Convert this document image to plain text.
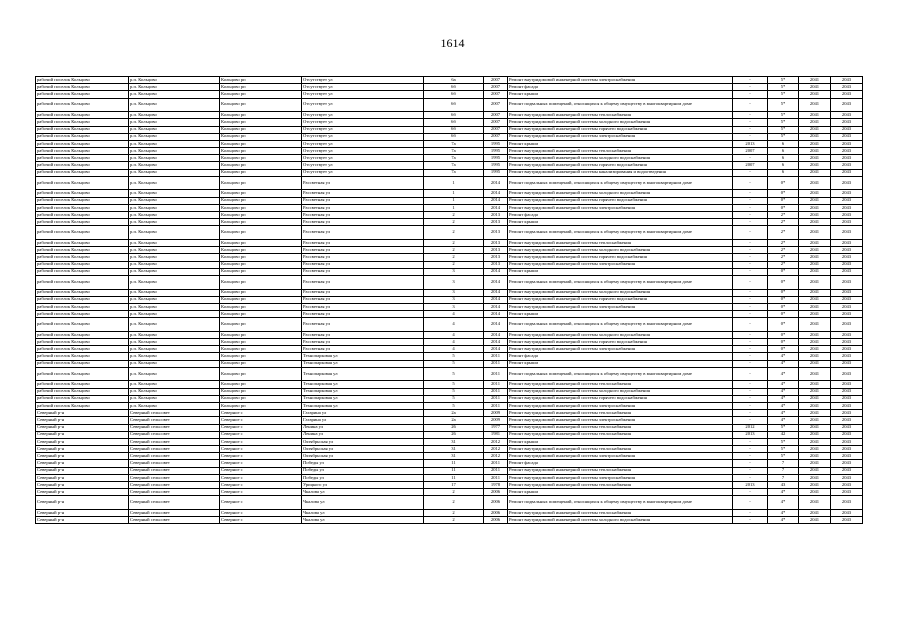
1614
рабочий поселок Кольцово	р.п. Кольцово	Кольцово рп	Отсутствует ул	6а	2007	Ремонт внутридомовой инженерной системы электроснабжения	-	5*	2041	2043
рабочий поселок Кольцово	р.п. Кольцово	Кольцово рп	Отсутствует ул	6б	2007	Ремонт фасада	-	5*	2041	2043
рабочий поселок Кольцово	р.п. Кольцово	Кольцово рп	Отсутствует ул	6б	2007	Ремонт крыши	-	5*	2041	2043
рабочий поселок Кольцово	р.п. Кольцово	Кольцово рп	Отсутствует ул	6б	2007	Ремонт подвальных помещений, относящихся к общему имуществу в многоквартирном доме	-	5*	2041	2043
рабочий поселок Кольцово	р.п. Кольцово	Кольцово рп	Отсутствует ул	6б	2007	Ремонт внутридомовой инженерной системы теплоснабжения	-	5*	2041	2043
рабочий поселок Кольцово	р.п. Кольцово	Кольцово рп	Отсутствует ул	6б	2007	Ремонт внутридомовой инженерной системы холодного водоснабжения	-	5*	2041	2043
рабочий поселок Кольцово	р.п. Кольцово	Кольцово рп	Отсутствует ул	6б	2007	Ремонт внутридомовой инженерной системы горячего водоснабжения	-	5*	2041	2043
рабочий поселок Кольцово	р.п. Кольцово	Кольцово рп	Отсутствует ул	6б	2007	Ремонт внутридомовой инженерной системы электроснабжения	-	5*	2041	2043
рабочий поселок Кольцово	р.п. Кольцово	Кольцово рп	Отсутствует ул	7а	1995	Ремонт крыши	2013	6	2041	2043
рабочий поселок Кольцово	р.п. Кольцово	Кольцово рп	Отсутствует ул	7а	1995	Ремонт внутридомовой инженерной системы теплоснабжения	2007	6	2041	2043
рабочий поселок Кольцово	р.п. Кольцово	Кольцово рп	Отсутствует ул	7а	1995	Ремонт внутридомовой инженерной системы холодного водоснабжения	-	6	2041	2043
рабочий поселок Кольцово	р.п. Кольцово	Кольцово рп	Отсутствует ул	7а	1995	Ремонт внутридомовой инженерной системы горячего водоснабжения	2007	6	2041	2043
рабочий поселок Кольцово	р.п. Кольцово	Кольцово рп	Отсутствует ул	7а	1995	Ремонт внутридомовой инженерной системы канализирования и водоотведения	-	6	2041	2043
рабочий поселок Кольцово	р.п. Кольцово	Кольцово рп	Рассветная ул	1	2014	Ремонт подвальных помещений, относящихся к общему имуществу в многоквартирном доме	-	0*	2041	2043
рабочий поселок Кольцово	р.п. Кольцово	Кольцово рп	Рассветная ул	1	2014	Ремонт внутридомовой инженерной системы холодного водоснабжения	-	0*	2041	2043
рабочий поселок Кольцово	р.п. Кольцово	Кольцово рп	Рассветная ул	1	2014	Ремонт внутридомовой инженерной системы горячего водоснабжения	-	0*	2041	2043
рабочий поселок Кольцово	р.п. Кольцово	Кольцово рп	Рассветная ул	1	2014	Ремонт внутридомовой инженерной системы электроснабжения	-	0*	2041	2043
рабочий поселок Кольцово	р.п. Кольцово	Кольцово рп	Рассветная ул	2	2013	Ремонт фасада	-	2*	2041	2043
рабочий поселок Кольцово	р.п. Кольцово	Кольцово рп	Рассветная ул	2	2013	Ремонт крыши	-	2*	2041	2043
рабочий поселок Кольцово	р.п. Кольцово	Кольцово рп	Рассветная ул	2	2013	Ремонт подвальных помещений, относящихся к общему имуществу в многоквартирном доме	-	2*	2041	2043
рабочий поселок Кольцово	р.п. Кольцово	Кольцово рп	Рассветная ул	2	2013	Ремонт внутридомовой инженерной системы теплоснабжения	-	2*	2041	2043
рабочий поселок Кольцово	р.п. Кольцово	Кольцово рп	Рассветная ул	2	2013	Ремонт внутридомовой инженерной системы холодного водоснабжения	-	2*	2041	2043
рабочий поселок Кольцово	р.п. Кольцово	Кольцово рп	Рассветная ул	2	2013	Ремонт внутридомовой инженерной системы горячего водоснабжения	-	2*	2041	2043
рабочий поселок Кольцово	р.п. Кольцово	Кольцово рп	Рассветная ул	2	2013	Ремонт внутридомовой инженерной системы электроснабжения	-	2*	2041	2043
рабочий поселок Кольцово	р.п. Кольцово	Кольцово рп	Рассветная ул	3	2014	Ремонт крыши	-	0*	2041	2043
рабочий поселок Кольцово	р.п. Кольцово	Кольцово рп	Рассветная ул	3	2014	Ремонт подвальных помещений, относящихся к общему имуществу в многоквартирном доме	-	0*	2041	2043
рабочий поселок Кольцово	р.п. Кольцово	Кольцово рп	Рассветная ул	3	2014	Ремонт внутридомовой инженерной системы холодного водоснабжения	-	0*	2041	2043
рабочий поселок Кольцово	р.п. Кольцово	Кольцово рп	Рассветная ул	3	2014	Ремонт внутридомовой инженерной системы горячего водоснабжения	-	0*	2041	2043
рабочий поселок Кольцово	р.п. Кольцово	Кольцово рп	Рассветная ул	3	2014	Ремонт внутридомовой инженерной системы электроснабжения	-	0*	2041	2043
рабочий поселок Кольцово	р.п. Кольцово	Кольцово рп	Рассветная ул	4	2014	Ремонт крыши	-	0*	2041	2043
рабочий поселок Кольцово	р.п. Кольцово	Кольцово рп	Рассветная ул	4	2014	Ремонт подвальных помещений, относящихся к общему имуществу в многоквартирном доме	-	0*	2041	2043
рабочий поселок Кольцово	р.п. Кольцово	Кольцово рп	Рассветная ул	4	2014	Ремонт внутридомовой инженерной системы холодного водоснабжения	-	0*	2041	2043
рабочий поселок Кольцово	р.п. Кольцово	Кольцово рп	Рассветная ул	4	2014	Ремонт внутридомовой инженерной системы горячего водоснабжения	-	0*	2041	2043
рабочий поселок Кольцово	р.п. Кольцово	Кольцово рп	Рассветная ул	4	2014	Ремонт внутридомовой инженерной системы электроснабжения	-	0*	2041	2043
рабочий поселок Кольцово	р.п. Кольцово	Кольцово рп	Технопарковая ул	5	2011	Ремонт фасада	-	4*	2041	2043
рабочий поселок Кольцово	р.п. Кольцово	Кольцово рп	Технопарковая ул	5	2011	Ремонт крыши	-	4*	2041	2043
рабочий поселок Кольцово	р.п. Кольцово	Кольцово рп	Технопарковая ул	5	2011	Ремонт подвальных помещений, относящихся к общему имуществу в многоквартирном доме	-	4*	2041	2043
рабочий поселок Кольцово	р.п. Кольцово	Кольцово рп	Технопарковая ул	5	2011	Ремонт внутридомовой инженерной системы теплоснабжения	-	4*	2041	2043
рабочий поселок Кольцово	р.п. Кольцово	Кольцово рп	Технопарковая ул	5	2011	Ремонт внутридомовой инженерной системы холодного водоснабжения	-	4*	2041	2043
рабочий поселок Кольцово	р.п. Кольцово	Кольцово рп	Технопарковая ул	5	2011	Ремонт внутридомовой инженерной системы горячего водоснабжения	-	4*	2041	2043
рабочий поселок Кольцово	р.п. Кольцово	Кольцово рп	Технопарковая ул	5	2011	Ремонт внутридомовой инженерной системы электроснабжения	-	4*	2041	2043
Северный р-н	Северный сельсовет	Северное с	Гагарина ул	2а	2009	Ремонт внутридомовой инженерной системы теплоснабжения	-	4*	2041	2043
Северный р-н	Северный сельсовет	Северное с	Гагарина ул	2а	2009	Ремонт внутридомовой инженерной системы электроснабжения	-	4*	2041	2043
Северный р-н	Северный сельсовет	Северное с	Ленина ул	26	1977	Ремонт внутридомовой инженерной системы теплоснабжения	2012	5*	2041	2043
Северный р-н	Северный сельсовет	Северное с	Ленина ул	26	1981	Ремонт внутридомовой инженерной системы теплоснабжения	2013	42	2041	2043
Северный р-н	Северный сельсовет	Северное с	Октябрьская ул	31	2012	Ремонт крыши	-	5*	2041	2043
Северный р-н	Северный сельсовет	Северное с	Октябрьская ул	31	2012	Ремонт внутридомовой инженерной системы теплоснабжения	-	5*	2041	2043
Северный р-н	Северный сельсовет	Северное с	Октябрьская ул	31	2012	Ремонт внутридомовой инженерной системы электроснабжения	-	5*	2041	2043
Северный р-н	Северный сельсовет	Северное с	Победы ул	11	2011	Ремонт фасада	-	7	2041	2043
Северный р-н	Северный сельсовет	Северное с	Победы ул	11	2011	Ремонт внутридомовой инженерной системы теплоснабжения	-	7	2041	2043
Северный р-н	Северный сельсовет	Северное с	Победы ул	11	2011	Ремонт внутридомовой инженерной системы электроснабжения	-	7	2041	2043
Северный р-н	Северный сельсовет	Северное с	Урицкого ул	17	1978	Ремонт внутридомовой инженерной системы теплоснабжения	2013	43	2041	2043
Северный р-н	Северный сельсовет	Северное с	Чкалова ул	2	2006	Ремонт крыши	-	4*	2041	2043
Северный р-н	Северный сельсовет	Северное с	Чкалова ул	2	2006	Ремонт подвальных помещений, относящихся к общему имуществу в многоквартирном доме	-	4*	2041	2043
Северный р-н	Северный сельсовет	Северное с	Чкалова ул	2	2006	Ремонт внутридомовой инженерной системы теплоснабжения	-	4*	2041	2043
Северный р-н	Северный сельсовет	Северное с	Чкалова ул	2	2006	Ремонт внутридомовой инженерной системы холодного водоснабжения	-	4*	2041	2043
